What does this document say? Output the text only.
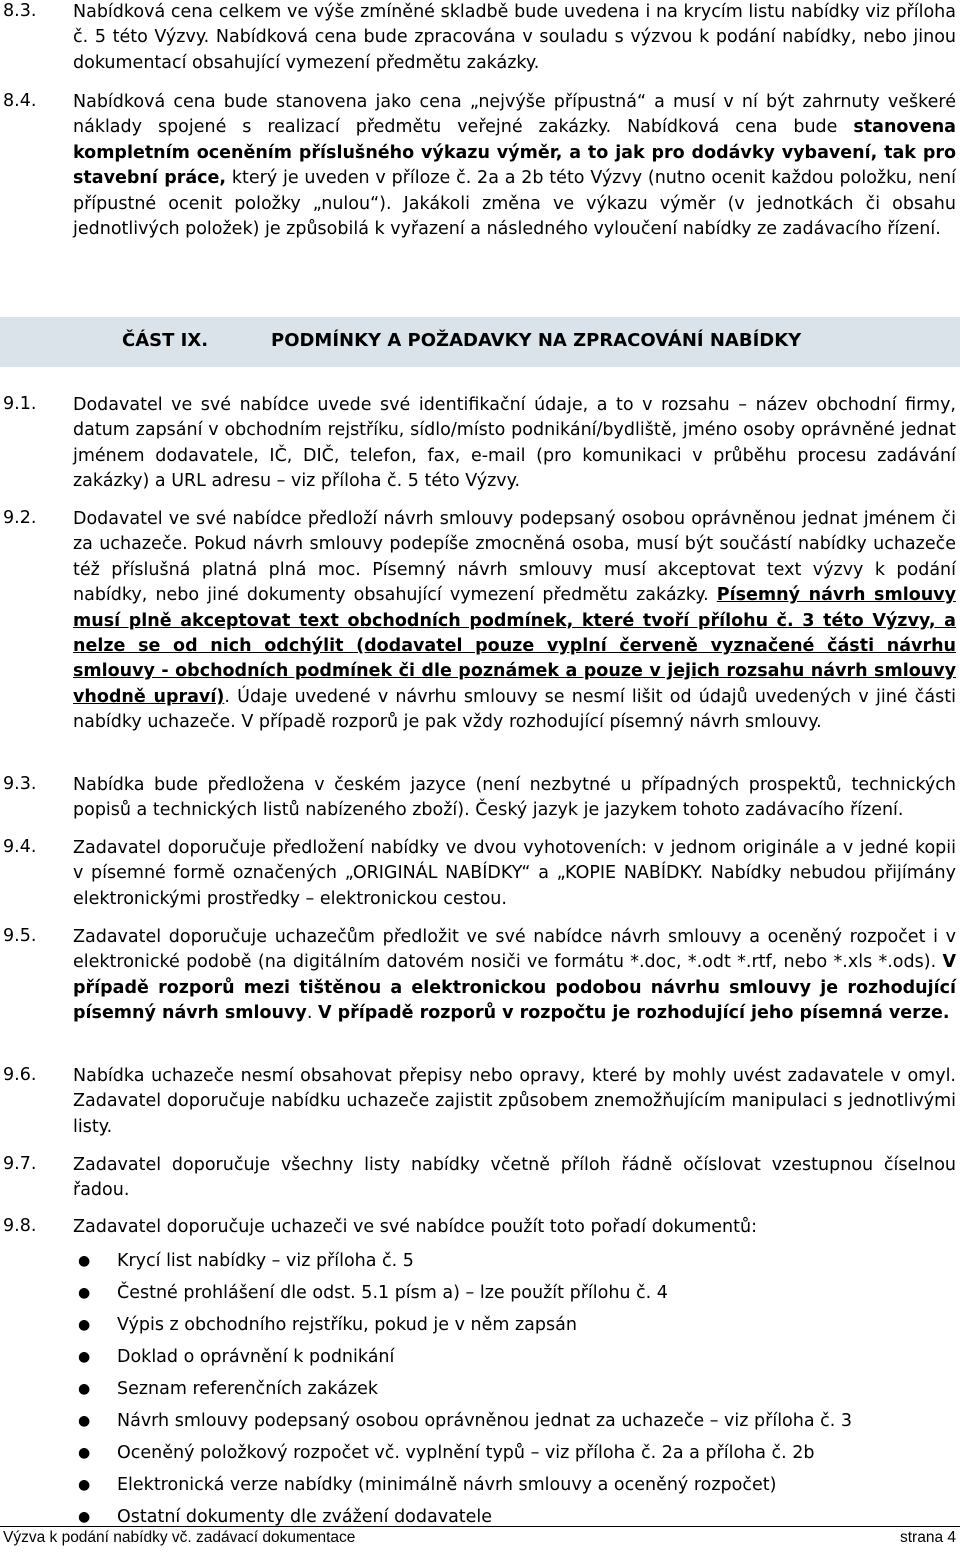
8.3. Nabídková cena celkem ve výše zmíněné skladbě bude uvedena i na krycím listu nabídky viz příloha č. 5 této Výzvy. Nabídková cena bude zpracována v souladu s výzvou k podání nabídky, nebo jinou dokumentací obsahující vymezení předmětu zakázky.
8.4. Nabídková cena bude stanovena jako cena „nejvýše přípustná“ a musí v ní být zahrnuty veškeré náklady spojené s realizací předmětu veřejné zakázky. Nabídková cena bude stanovena kompletním oceněním příslušného výkazu výměr, a to jak pro dodávky vybavení, tak pro stavební práce, který je uveden v příloze č. 2a a 2b této Výzvy (nutno ocenit každou položku, není přípustné ocenit položky „nulou“). Jakákoli změna ve výkazu výměr (v jednotkách či obsahu jednotlivých položek) je způsobilá k vyřazení a následného vyloučení nabídky ze zadávacího řízení.
ČÁST IX.	PODMÍNKY A POŽADAVKY NA ZPRACOVÁNÍ NABÍDKY
9.1. Dodavatel ve své nabídce uvede své identifikační údaje, a to v rozsahu – název obchodní firmy, datum zapsání v obchodním rejstříku, sídlo/místo podnikání/bydliště, jméno osoby oprávněné jednat jménem dodavatele, IČ, DIČ, telefon, fax, e-mail (pro komunikaci v průběhu procesu zadávání zakázky) a URL adresu – viz příloha č. 5 této Výzvy.
9.2. Dodavatel ve své nabídce předloží návrh smlouvy podepsaný osobou oprávněnou jednat jménem či za uchazeče. Pokud návrh smlouvy podepíše zmocněná osoba, musí být součástí nabídky uchazeče též příslušná platná plná moc. Písemný návrh smlouvy musí akceptovat text výzvy k podání nabídky, nebo jiné dokumenty obsahující vymezení předmětu zakázky. Písemný návrh smlouvy musí plně akceptovat text obchodních podmínek, které tvoří přílohu č. 3 této Výzvy, a nelze se od nich odchýlit (dodavatel pouze vyplní červeně vyznačené části návrhu smlouvy - obchodních podmínek či dle poznámek a pouze v jejich rozsahu návrh smlouvy vhodně upraví). Údaje uvedené v návrhu smlouvy se nesmí lišit od údajů uvedených v jiné části nabídky uchazeče. V případě rozporů je pak vždy rozhodující písemný návrh smlouvy.
9.3. Nabídka bude předložena v českém jazyce (není nezbytné u případných prospektů, technických popisů a technických listů nabízeného zboží). Český jazyk je jazykem tohoto zadávacího řízení.
9.4. Zadavatel doporučuje předložení nabídky ve dvou vyhotoveních: v jednom originále a v jedné kopii v písemné formě označených „ORIGINÁL NABÍDKY“ a „KOPIE NABÍDKY. Nabídky nebudou přijímány elektronickými prostředky – elektronickou cestou.
9.5. Zadavatel doporučuje uchazečům předložit ve své nabídce návrh smlouvy a oceněný rozpočet i v elektronické podobě (na digitálním datovém nosiči ve formátu *.doc, *.odt *.rtf, nebo *.xls *.ods). V případě rozporů mezi tištěnou a elektronickou podobou návrhu smlouvy je rozhodující písemný návrh smlouvy. V případě rozporů v rozpočtu je rozhodující jeho písemná verze.
9.6. Nabídka uchazeče nesmí obsahovat přepisy nebo opravy, které by mohly uvést zadavatele v omyl. Zadavatel doporučuje nabídku uchazeče zajistit způsobem znemožňujícím manipulaci s jednotlivými listy.
9.7. Zadavatel doporučuje všechny listy nabídky včetně příloh řádně očíslovat vzestupnou číselnou řadou.
9.8. Zadavatel doporučuje uchazeči ve své nabídce použít toto pořadí dokumentů:
● Krycí list nabídky – viz příloha č. 5
● Čestné prohlášení dle odst. 5.1 písm a) – lze použít přílohu č. 4
● Výpis z obchodního rejstříku, pokud je v něm zapsán
● Doklad o oprávnění k podnikání
● Seznam referenčních zakázek
● Návrh smlouvy podepsaný osobou oprávněnou jednat za uchazeče – viz příloha č. 3
● Oceněný položkový rozpočet vč. vyplnění typů – viz příloha č. 2a a příloha č. 2b
● Elektronická verze nabídky (minimálně návrh smlouvy a oceněný rozpočet)
● Ostatní dokumenty dle zvážení dodavatele
Výzva k podání nabídky vč. zadávací dokumentace	strana 4
